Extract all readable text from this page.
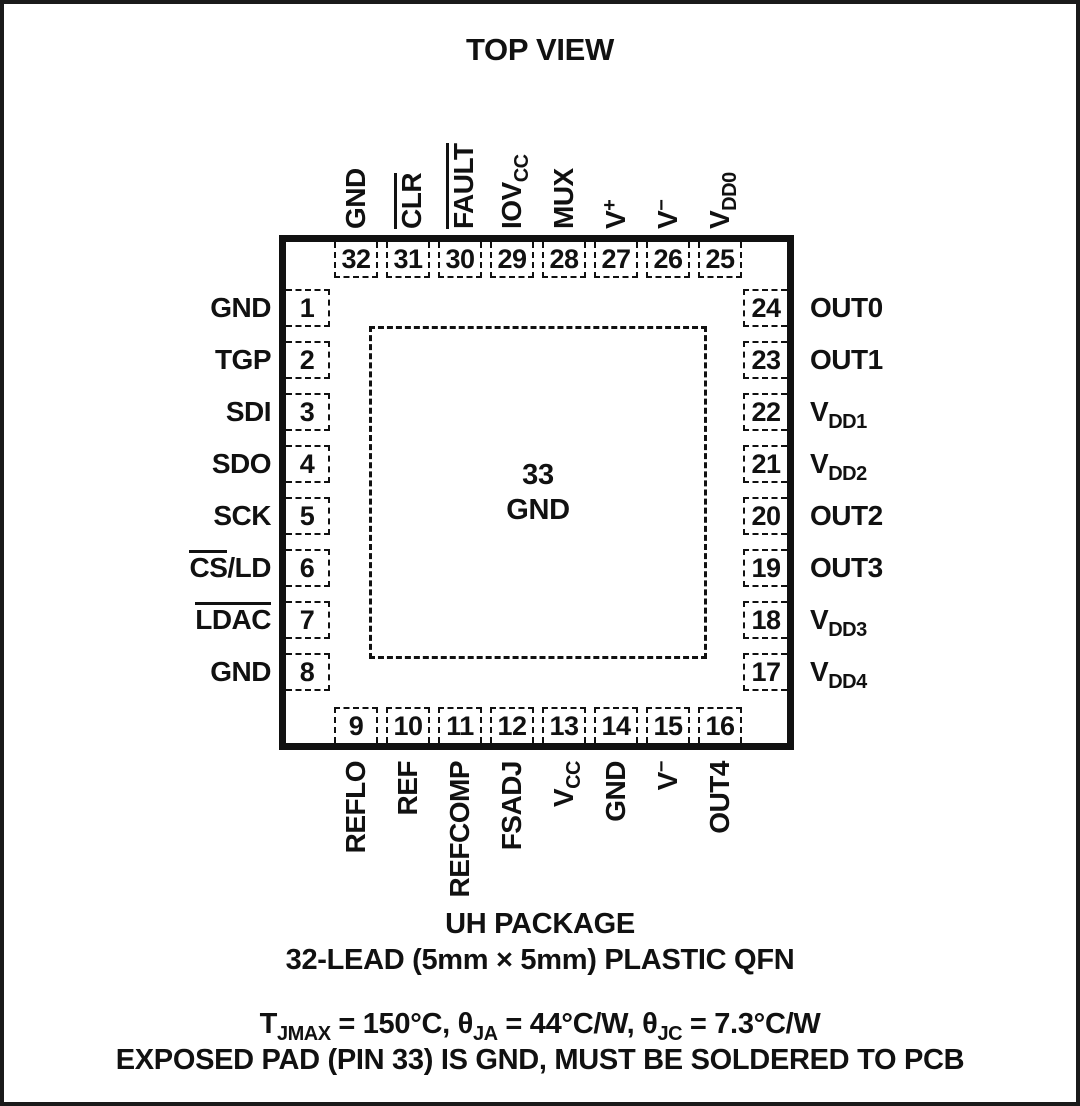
TOP VIEW
33
GND
32
GND
31
CLR
30
FAULT
29
$IOV_{CC}$
28
MUX
27
V+
26
V−
25
$V_{DD0}$
1
GND
2
TGP
3
SDI
4
SDO
5
SCK
6
CS/LD
7
LDAC
8
GND
24 OUT0
23 OUT1
22 $V_{DD1}$
21 $V_{DD2}$
20 OUT2
19 OUT3
18 $V_{DD3}$
17 $V_{DD4}$
9
REFLO
10
REF
11
REFCOMP
12
FSADJ
13
$V_{CC}$
14
GND
15
V−
16
OUT4
UH PACKAGE
32-LEAD (5mm × 5mm) PLASTIC QFN
$T_{JMAX} = 150^\circ C$, $\theta_{JA} = 44^\circ C/W$, $\theta_{JC} = 7.3^\circ C/W$
EXPOSED PAD (PIN 33) IS GND, MUST BE SOLDERED TO PCB
